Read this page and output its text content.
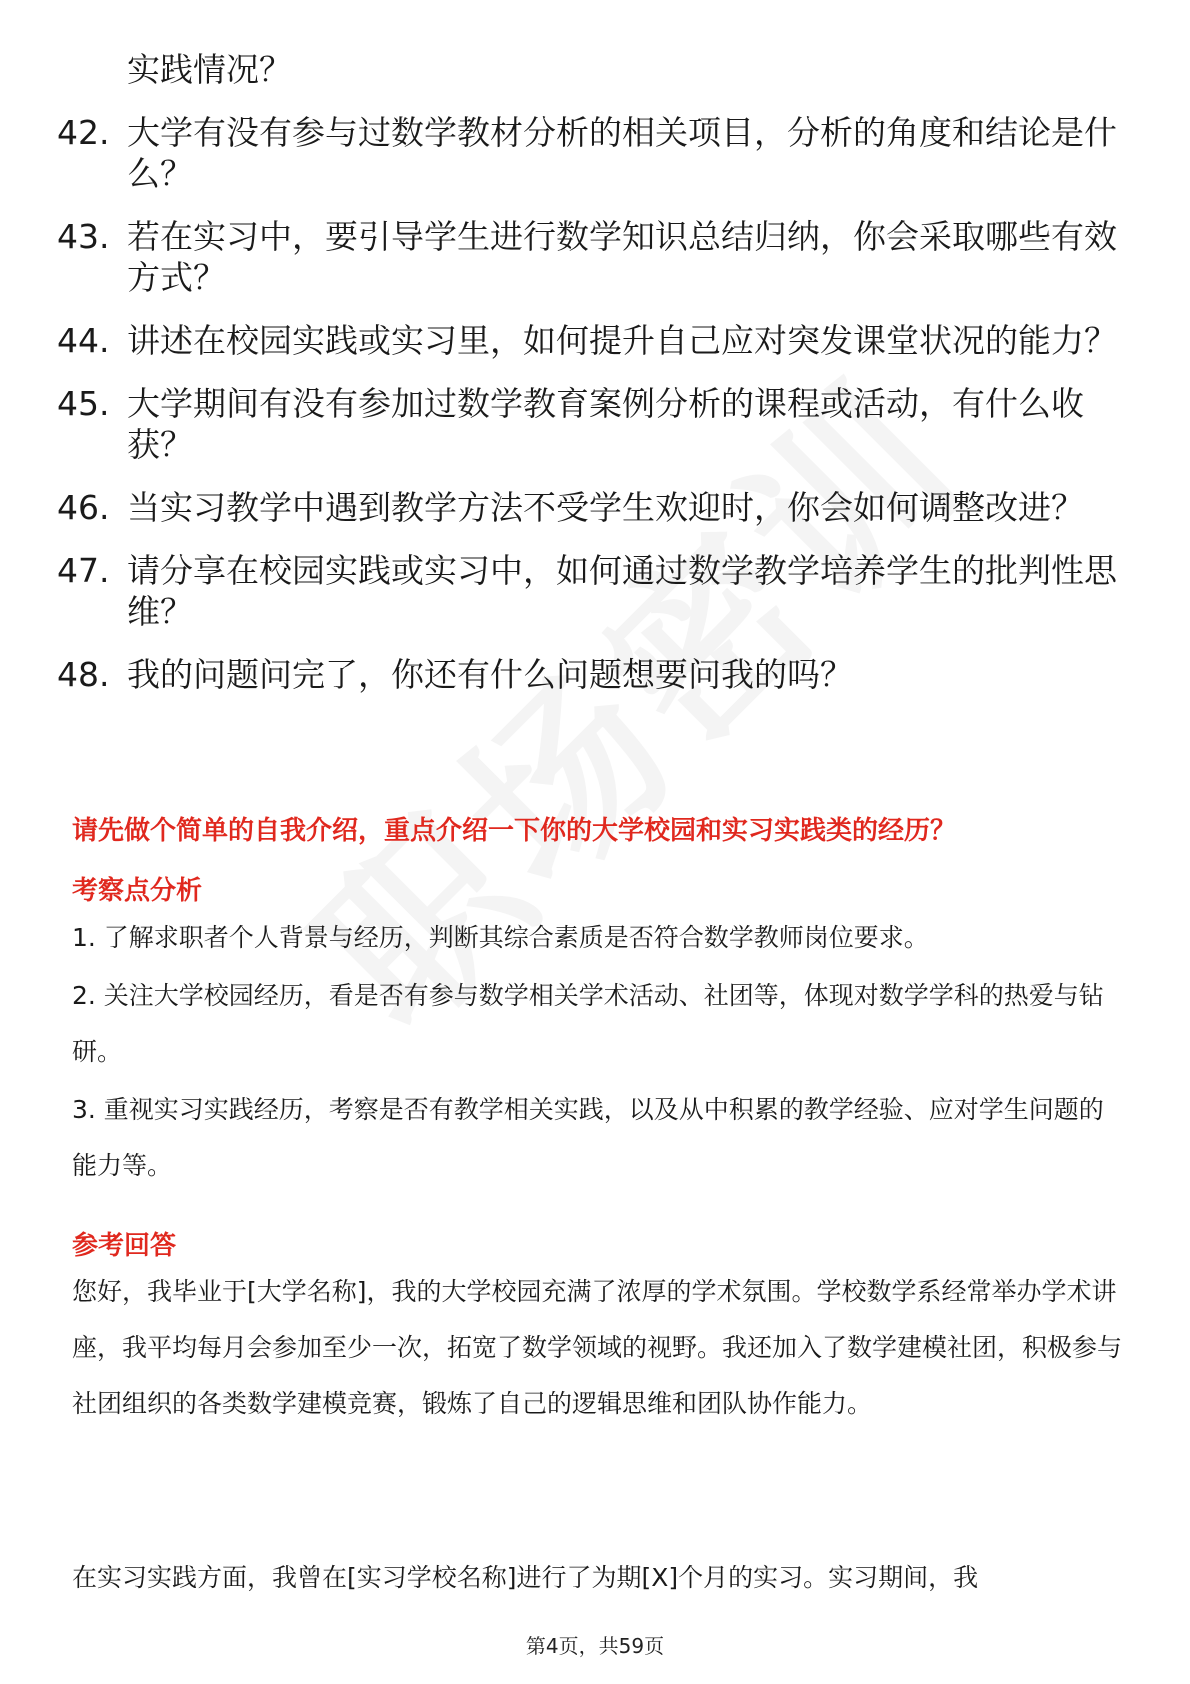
实践情况？
42. 大学有没有参与过数学教材分析的相关项目，分析的角度和结论是什么？
43. 若在实习中，要引导学生进行数学知识总结归纳，你会采取哪些有效方式？
44. 讲述在校园实践或实习里，如何提升自己应对突发课堂状况的能力？
45. 大学期间有没有参加过数学教育案例分析的课程或活动，有什么收获？
46. 当实习教学中遇到教学方法不受学生欢迎时，你会如何调整改进？
47. 请分享在校园实践或实习中，如何通过数学教学培养学生的批判性思维？
48. 我的问题问完了，你还有什么问题想要问我的吗？
请先做个简单的自我介绍，重点介绍一下你的大学校园和实习实践类的经历？
考察点分析
1. 了解求职者个人背景与经历，判断其综合素质是否符合数学教师岗位要求。
2. 关注大学校园经历，看是否有参与数学相关学术活动、社团等，体现对数学学科的热爱与钻研。
3. 重视实习实践经历，考察是否有教学相关实践，以及从中积累的教学经验、应对学生问题的能力等。
参考回答
您好，我毕业于[大学名称]，我的大学校园充满了浓厚的学术氛围。学校数学系经常举办学术讲座，我平均每月会参加至少一次，拓宽了数学领域的视野。我还加入了数学建模社团，积极参与社团组织的各类数学建模竞赛，锻炼了自己的逻辑思维和团队协作能力。
在实习实践方面，我曾在[实习学校名称]进行了为期[X]个月的实习。实习期间，我
第4页，共59页
